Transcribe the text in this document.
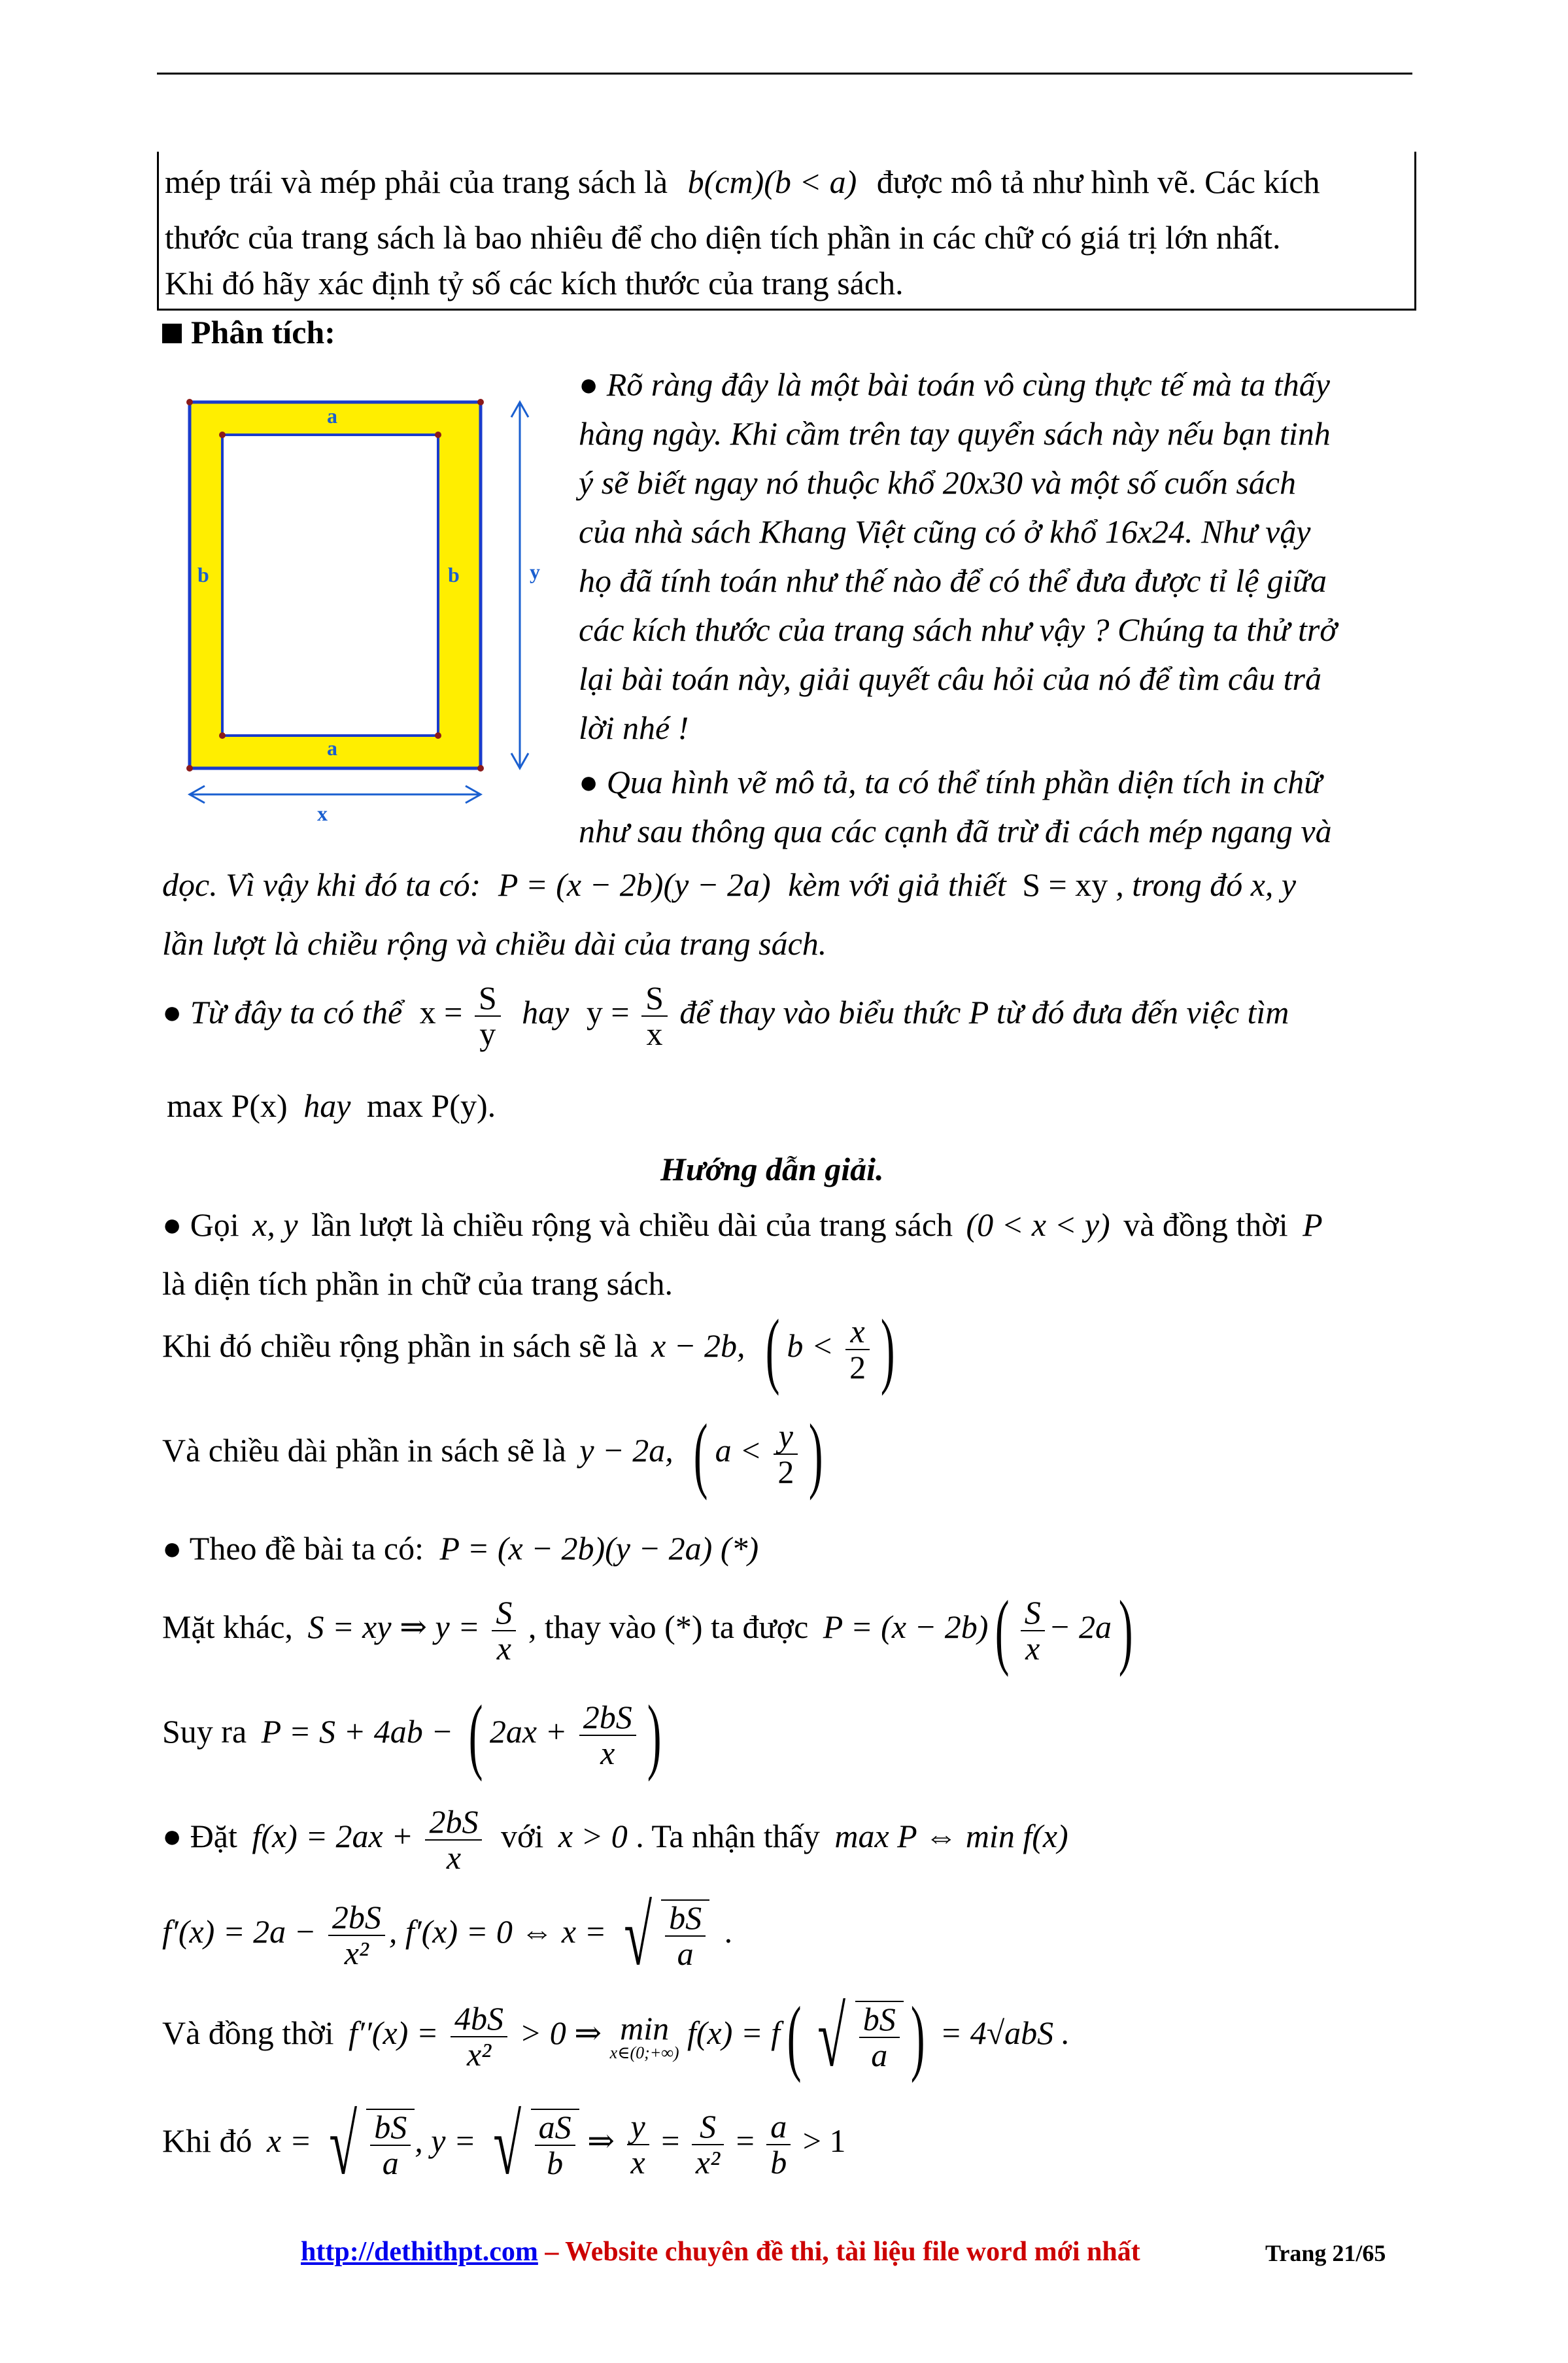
mép trái và mép phải của trang sách là b(cm)(b < a) được mô tả như hình vẽ. Các kích
thước của trang sách là bao nhiêu để cho diện tích phần in các chữ có giá trị lớn nhất.
Khi đó hãy xác định tỷ số các kích thước của trang sách.
Phân tích:
a
a
b	b	y
x
● Rõ ràng đây là một bài toán vô cùng thực tế mà ta thấy
hàng ngày. Khi cầm trên tay quyển sách này nếu bạn tinh
ý sẽ biết ngay nó thuộc khổ 20x30 và một số cuốn sách
của nhà sách Khang Việt cũng có ở khổ 16x24. Như vậy
họ đã tính toán như thế nào để có thể đưa được tỉ lệ giữa
các kích thước của trang sách như vậy ? Chúng ta thử trở
lại bài toán này, giải quyết câu hỏi của nó để tìm câu trả
lời nhé !
● Qua hình vẽ mô tả, ta có thể tính phần diện tích in chữ
như sau thông qua các cạnh đã trừ đi cách mép ngang và
dọc. Vì vậy khi đó ta có: P = (x − 2b)(y − 2a) kèm với giả thiết S = xy , trong đó x, y
lần lượt là chiều rộng và chiều dài của trang sách.
● Từ đây ta có thể $x = \frac{S}{y}$ hay $y = \frac{S}{x}$ để thay vào biểu thức P từ đó đưa đến việc tìm
max P(x) hay max P(y).
Hướng dẫn giải.
● Gọi x, y lần lượt là chiều rộng và chiều dài của trang sách (0 < x < y) và đồng thời P
là diện tích phần in chữ của trang sách.
Khi đó chiều rộng phần in sách sẽ là x − 2b, ( $b < \frac{x}{2}$ )
Và chiều dài phần in sách sẽ là y − 2a, ( $a < \frac{y}{2}$ )
● Theo đề bài ta có: P = (x − 2b)(y − 2a) (*)
Mặt khác, S = xy ⇒ $y = \frac{S}{x}$ , thay vào (*) ta được $P = (x - 2b)( \frac{S}{x} - 2a)$
Suy ra P = S + 4ab − ( $2ax + \frac{2bS}{x}$ )
● Đặt $f(x) = 2ax + \frac{2bS}{x}$ với x > 0 . Ta nhận thấy max P ⇔ min f(x)
$f'(x) = 2a - \frac{2bS}{\text{x²}}$ , f′(x) = 0 ⇔ x = √ $\frac{bS}{a}$ .
Và đồng thời $f''(x) = \frac{4bS}{\text{x²}} > 0$ ⇒ min
x∈(0;+∞)
f(x) = f( √ $\frac{bS}{a}$ ) = 4√abS .
Khi đó x = √ $\frac{bS}{a}$ , y = √ $\frac{aS}{b}$ ⇒ $\frac{y}{x} = \frac{S}{\text{x²}} = \frac{a}{b} > 1$
http://dethithpt.com – Website chuyên đề thi, tài liệu file word mới nhất	Trang 21/65
